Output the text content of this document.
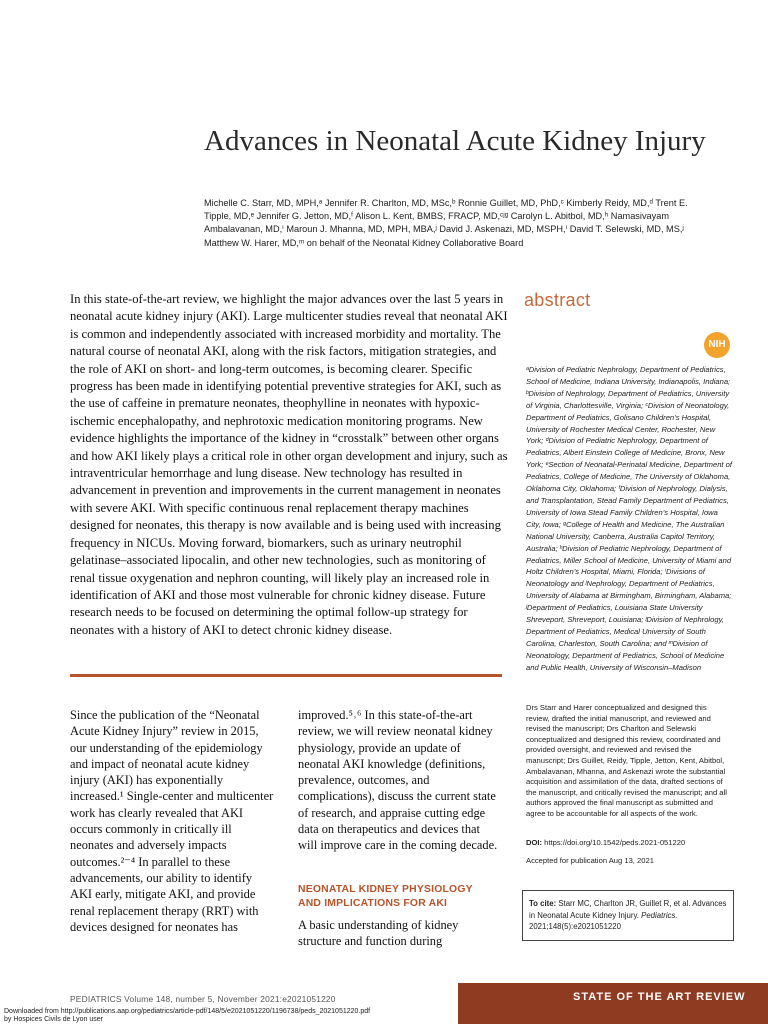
Advances in Neonatal Acute Kidney Injury
Michelle C. Starr, MD, MPH,ᵃ Jennifer R. Charlton, MD, MSc,ᵇ Ronnie Guillet, MD, PhD,ᶜ Kimberly Reidy, MD,ᵈ Trent E. Tipple, MD,ᵉ Jennifer G. Jetton, MD,ᶠ Alison L. Kent, BMBS, FRACP, MD,ᶜʲᵍ Carolyn L. Abitbol, MD,ʰ Namasivayam Ambalavanan, MD,ⁱ Maroun J. Mhanna, MD, MPH, MBA,ʲ David J. Askenazi, MD, MSPH,ⁱ David T. Selewski, MD, MS,ʲ Matthew W. Harer, MD,ᵐ on behalf of the Neonatal Kidney Collaborative Board
In this state-of-the-art review, we highlight the major advances over the last 5 years in neonatal acute kidney injury (AKI). Large multicenter studies reveal that neonatal AKI is common and independently associated with increased morbidity and mortality. The natural course of neonatal AKI, along with the risk factors, mitigation strategies, and the role of AKI on short- and long-term outcomes, is becoming clearer. Specific progress has been made in identifying potential preventive strategies for AKI, such as the use of caffeine in premature neonates, theophylline in neonates with hypoxic-ischemic encephalopathy, and nephrotoxic medication monitoring programs. New evidence highlights the importance of the kidney in “crosstalk” between other organs and how AKI likely plays a critical role in other organ development and injury, such as intraventricular hemorrhage and lung disease. New technology has resulted in advancement in prevention and improvements in the current management in neonates with severe AKI. With specific continuous renal replacement therapy machines designed for neonates, this therapy is now available and is being used with increasing frequency in NICUs. Moving forward, biomarkers, such as urinary neutrophil gelatinase–associated lipocalin, and other new technologies, such as monitoring of renal tissue oxygenation and nephron counting, will likely play an increased role in identification of AKI and those most vulnerable for chronic kidney disease. Future research needs to be focused on determining the optimal follow-up strategy for neonates with a history of AKI to detect chronic kidney disease.
abstract
NIH
ᵃDivision of Pediatric Nephrology, Department of Pediatrics, School of Medicine, Indiana University, Indianapolis, Indiana; ᵇDivision of Nephrology, Department of Pediatrics, University of Virginia, Charlottesville, Virginia; ᶜDivision of Neonatology, Department of Pediatrics, Golisano Children’s Hospital, University of Rochester Medical Center, Rochester, New York; ᵈDivision of Pediatric Nephrology, Department of Pediatrics, Albert Einstein College of Medicine, Bronx, New York; ᵉSection of Neonatal-Perinatal Medicine, Department of Pediatrics, College of Medicine, The University of Oklahoma, Oklahoma City, Oklahoma; ᶠDivision of Nephrology, Dialysis, and Transplantation, Stead Family Department of Pediatrics, University of Iowa Stead Family Children’s Hospital, Iowa City, Iowa; ᵍCollege of Health and Medicine, The Australian National University, Canberra, Australia Capitol Territory, Australia; ʰDivision of Pediatric Nephrology, Department of Pediatrics, Miller School of Medicine, University of Miami and Holtz Children’s Hospital, Miami, Florida; ⁱDivisions of Neonatology and ʲNephrology, Department of Pediatrics, University of Alabama at Birmingham, Birmingham, Alabama; ʲDepartment of Pediatrics, Louisiana State University Shreveport, Shreveport, Louisiana; ʲDivision of Nephrology, Department of Pediatrics, Medical University of South Carolina, Charleston, South Carolina; and ᵐDivision of Neonatology, Department of Pediatrics, School of Medicine and Public Health, University of Wisconsin–Madison
Drs Starr and Harer conceptualized and designed this review, drafted the initial manuscript, and reviewed and revised the manuscript; Drs Charlton and Selewski conceptualized and designed this review, coordinated and provided oversight, and reviewed and revised the manuscript; Drs Guillet, Reidy, Tipple, Jetton, Kent, Abitbol, Ambalavanan, Mhanna, and Askenazi wrote the substantial acquisition and assimilation of the data, drafted sections of the manuscript, and critically revised the manuscript; and all authors approved the final manuscript as submitted and agree to be accountable for all aspects of the work.
DOI: https://doi.org/10.1542/peds.2021-051220
Accepted for publication Aug 13, 2021
To cite: Starr MC, Charlton JR, Guillet R, et al. Advances in Neonatal Acute Kidney Injury. Pediatrics. 2021;148(5):e2021051220
Since the publication of the “Neonatal Acute Kidney Injury” review in 2015, our understanding of the epidemiology and impact of neonatal acute kidney injury (AKI) has exponentially increased.¹ Single-center and multicenter work has clearly revealed that AKI occurs commonly in critically ill neonates and adversely impacts outcomes.²⁻⁴ In parallel to these advancements, our ability to identify AKI early, mitigate AKI, and provide renal replacement therapy (RRT) with devices designed for neonates has
improved.⁵˒⁶ In this state-of-the-art review, we will review neonatal kidney physiology, provide an update of neonatal AKI knowledge (definitions, prevalence, outcomes, and complications), discuss the current state of research, and appraise cutting edge data on therapeutics and devices that will improve care in the coming decade.
NEONATAL KIDNEY PHYSIOLOGY AND IMPLICATIONS FOR AKI
A basic understanding of kidney structure and function during
PEDIATRICS Volume 148, number 5, November 2021:e2021051220	STATE OF THE ART REVIEW
Downloaded from http://publications.aap.org/pediatrics/article-pdf/148/5/e2021051220/1196738/peds_2021051220.pdf
by Hospices Civils de Lyon user
